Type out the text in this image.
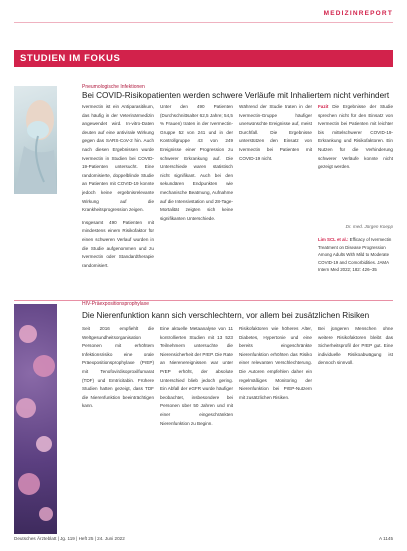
MEDIZINREPORT
STUDIEN IM FOKUS
Pneumologische Infektionen
Bei COVID-Risikopatienten werden schwere Verläufe mit Inhaliertem nicht verhindert
Ivermectin ist ein Antiparasitikum, das häufig in der Veterinärmedizin angewendet wird. In-vitro-Daten deuten auf eine antivirale Wirkung gegen das SARS-CoV-2 hin. Auch nach diesen Ergebnissen wurde Ivermectin in Studien bei COVID-19-Patienten untersucht. Eine randomisierte, doppelblinde Studie an Patienten mit COVID-19 konnte jedoch keine ergebnisrelevante Wirkung auf die Krankheitsprogression zeigen.
Insgesamt 490 Patienten mit mindestens einem Risikofaktor für einen schweren Verlauf wurden in die Studie aufgenommen und zu Ivermectin oder Standardtherapie randomisiert.
Unter den 490 Patienten (Durchschnittsalter 62,5 Jahre; 54,5 % Frauen) traten in der Ivermectin-Gruppe 52 von 241 und in der Kontrollgruppe 43 von 249 Ereignisse einer Progression zu schwerer Erkrankung auf. Die Unterschiede waren statistisch nicht signifikant. Auch bei den sekundären Endpunkten wie mechanische Beatmung, Aufnahme auf die Intensivstation und 28-Tage-Mortalität zeigten sich keine signifikanten Unterschiede.
Während der Studie traten in der Ivermectin-Gruppe häufiger unerwünschte Ereignisse auf, meist Durchfall. Die Ergebnisse unterstützen den Einsatz von Ivermectin bei Patienten mit COVID-19 nicht.
Fazit Die Ergebnisse der Studie sprechen nicht für den Einsatz von Ivermectin bei Patienten mit leichter bis mittelschwerer COVID-19-Erkrankung und Risikofaktoren. Ein Nutzen für die Verhinderung schwerer Verläufe konnte nicht gezeigt werden.
Dr. med. Jürgen Koepp
Lim SCL et al.: Efficacy of Ivermectin Treatment on Disease Progression Among Adults With Mild to Moderate COVID-19 and Comorbidities. JAMA Intern Med 2022; 182: 426–35
HIV-Präexpositionsprophylaxe
Die Nierenfunktion kann sich verschlechtern, vor allem bei zusätzlichen Risiken
Seit 2016 empfiehlt die Weltgesundheitsorganisation Personen mit erhöhtem Infektionsrisiko eine orale Präexpositionsprophylaxe (PrEP) mit Tenofovirdisoproxilfumarat (TDF) und Emtricitabin. Frühere Studien hatten gezeigt, dass TDF die Nierenfunktion beeinträchtigen kann.
Eine aktuelle Metaanalyse von 11 kontrollierten Studien mit 13 523 Teilnehmern untersuchte die Nierensicherheit der PrEP. Die Rate an Nierenereignissen war unter PrEP erhöht, der absolute Unterschied blieb jedoch gering. Ein Abfall der eGFR wurde häufiger beobachtet, insbesondere bei Personen über 50 Jahren und mit einer eingeschränkten Nierenfunktion zu Beginn.
Risikofaktoren wie höheres Alter, Diabetes, Hypertonie und eine bereits eingeschränkte Nierenfunktion erhöhten das Risiko einer relevanten Verschlechterung. Die Autoren empfehlen daher ein regelmäßiges Monitoring der Nierenfunktion bei PrEP-Nutzern mit zusätzlichen Risiken.
Bei jüngeren Menschen ohne weitere Risikofaktoren bleibt das Sicherheitsprofil der PrEP gut. Eine individuelle Risikoabwägung ist dennoch sinnvoll.
Deutsches Ärzteblatt | Jg. 119 | Heft 25 | 24. Juni 2022	A 1145
